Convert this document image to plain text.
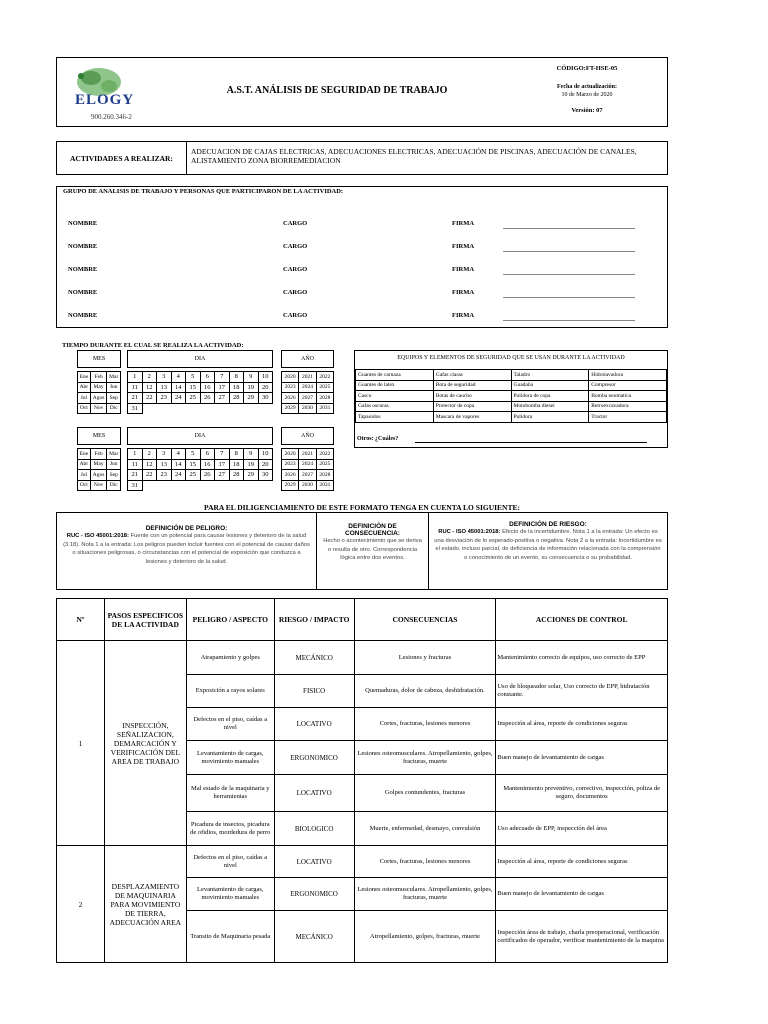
ELOGY
900.260.346-2
A.S.T. ANÁLISIS DE SEGURIDAD DE TRABAJO
CÓDIGO:FT-HSE-05
Fecha de actualización:
10 de Marzo de 2020
Versión: 07
ACTIVIDADES A REALIZAR:
ADECUACION DE CAJAS ELECTRICAS, ADECUACIONES ELECTRICAS, ADECUACIÓN DE PISCINAS, ADECUACIÓN DE CANALES, ALISTAMIENTO ZONA BIORREMEDIACION
GRUPO DE ANALISIS DE TRABAJO Y PERSONAS QUE PARTICIPARON DE LA ACTIVIDAD:
NOMBRE	CARGO	FIRMA
NOMBRE	CARGO	FIRMA
NOMBRE	CARGO	FIRMA
NOMBRE	CARGO	FIRMA
NOMBRE	CARGO	FIRMA
TIEMPO DURANTE EL CUAL SE REALIZA LA ACTIVIDAD:
MES	DIA	AÑO
Ene	Feb	Mar
Abr	May	Jun
Jul	Agos	Sep
Oct	Nov	Dic
1	2	3	4	5	6	7	8	9	10
11	12	13	14	15	16	17	18	19	20
21	22	23	24	25	26	27	28	29	30
31									
2020	2021	2022
2023	2024	2025
2026	2027	2028
2029	2030	2031
MES	DIA	AÑO
Ene	Feb	Mar
Abr	May	Jun
Jul	Agos	Sep
Oct	Nov	Dic
1	2	3	4	5	6	7	8	9	10
11	12	13	14	15	16	17	18	19	20
21	22	23	24	25	26	27	28	29	30
31									
2020	2021	2022
2023	2024	2025
2026	2027	2028
2029	2030	2031
EQUIPOS Y ELEMENTOS DE SEGURIDAD QUE SE USAN DURANTE LA ACTIVIDAD
Guantes de carnaza	Gafas claras	Taladro	Hidrolavadora
Guantes de latex	Bota de seguridad	Guadaña	Compresor
Casco	Botas de caucho	Pulidora de copa	Bomba neumatica
Gafas oscuras	Protector de copa	Motobomba diesel	Retroexcavadora
Tapaoidos	Mascara de vapores	Pulidora	Tractor
Otros: ¿Cuáles?
PARA EL DILIGENCIAMIENTO DE ESTE FORMATO TENGA EN CUENTA LO SIGUIENTE:
DEFINICIÓN DE PELIGRO:
RUC - ISO 45001:2018: Fuente con un potencial para causar lesiones y deterioro de la salud (3.18). Nota 1 a la entrada: Los peligros pueden incluir fuentes con el potencial de causar daños o situaciones peligrosas, o circunstancias con el potencial de exposición que conduzca a lesiones y deterioro de la salud.
DEFINICIÓN DE CONSECUENCIA:
Hecho o acontecimiento que se deriva o resulta de otro. Correspondencia lógica entre dos eventos.
DEFINICIÓN DE RIESGO:
RUC - ISO 45001:2018: Efecto de la incertidumbre. Nota 1 a la entrada: Un efecto es una desviación de lo esperado-positiva o negativa. Nota 2 a la entrada: Incertidumbre es el estado, incluso parcial, de deficiencia de información relacionada con la comprensión o conocimiento de un evento, su consecuencia o su probabilidad.
Nº	PASOS ESPECIFICOS DE LA ACTIVIDAD	PELIGRO / ASPECTO	RIESGO / IMPACTO	CONSECUENCIAS	ACCIONES DE CONTROL
1	INSPECCIÓN, SEÑALIZACION, DEMARCACIÓN Y VERIFICACIÓN DEL AREA DE TRABAJO	Atrapamiento y golpes	MECÁNICO	Lesiones y fracturas	Mantenimiento correcto de equipos, uso correcto de EPP
		Exposición a rayos solares	FISICO	Quemaduras, dolor de cabeza, deshidratación.	Uso de bloqueador solar, Uso correcto de EPP, hidratación constante.
		Defectos en el piso, caídas a nivel	LOCATIVO	Cortes, fracturas, lesiones menores	Inspección al área, reporte de condiciones seguras
		Levantamiento de cargas, movimiento manuales	ERGONOMICO	Lesiones osteomusculares. Atropellamiento, golpes, fracturas, muerte	Buen manejo de levantamiento de cargas
		Mal estado de la maquinaria y herramientas	LOCATIVO	Golpes contundentes, fracturas	Mantenimiento preventivo, correctivo, inspección, poliza de seguro, documentos
		Picadura de insectos, picadura de ofidios, mordedura de perro	BIOLOGICO	Muerte, enfermedad, desmayo, convulsión	Uso adecuado de EPP, inspección del área
2	DESPLAZAMIENTO DE MAQUINARIA PARA MOVIMIENTO DE TIERRA, ADECUACIÓN AREA	Defectos en el piso, caídas a nivel	LOCATIVO	Cortes, fracturas, lesiones menores	Inspección al área, reporte de condiciones seguras
		Levantamiento de cargas, movimiento manuales	ERGONOMICO	Lesiones osteomusculares. Atropellamiento, golpes, fracturas, muerte	Buen manejo de levantamiento de cargas
		Transito de Maquinaria pesada	MECÁNICO	Atropellamiento, golpes, fracturas, muerte	Inspección área de trabajo, charla preoperacional, verificación certificados de operador, verificar mantenimiento de la maquina
